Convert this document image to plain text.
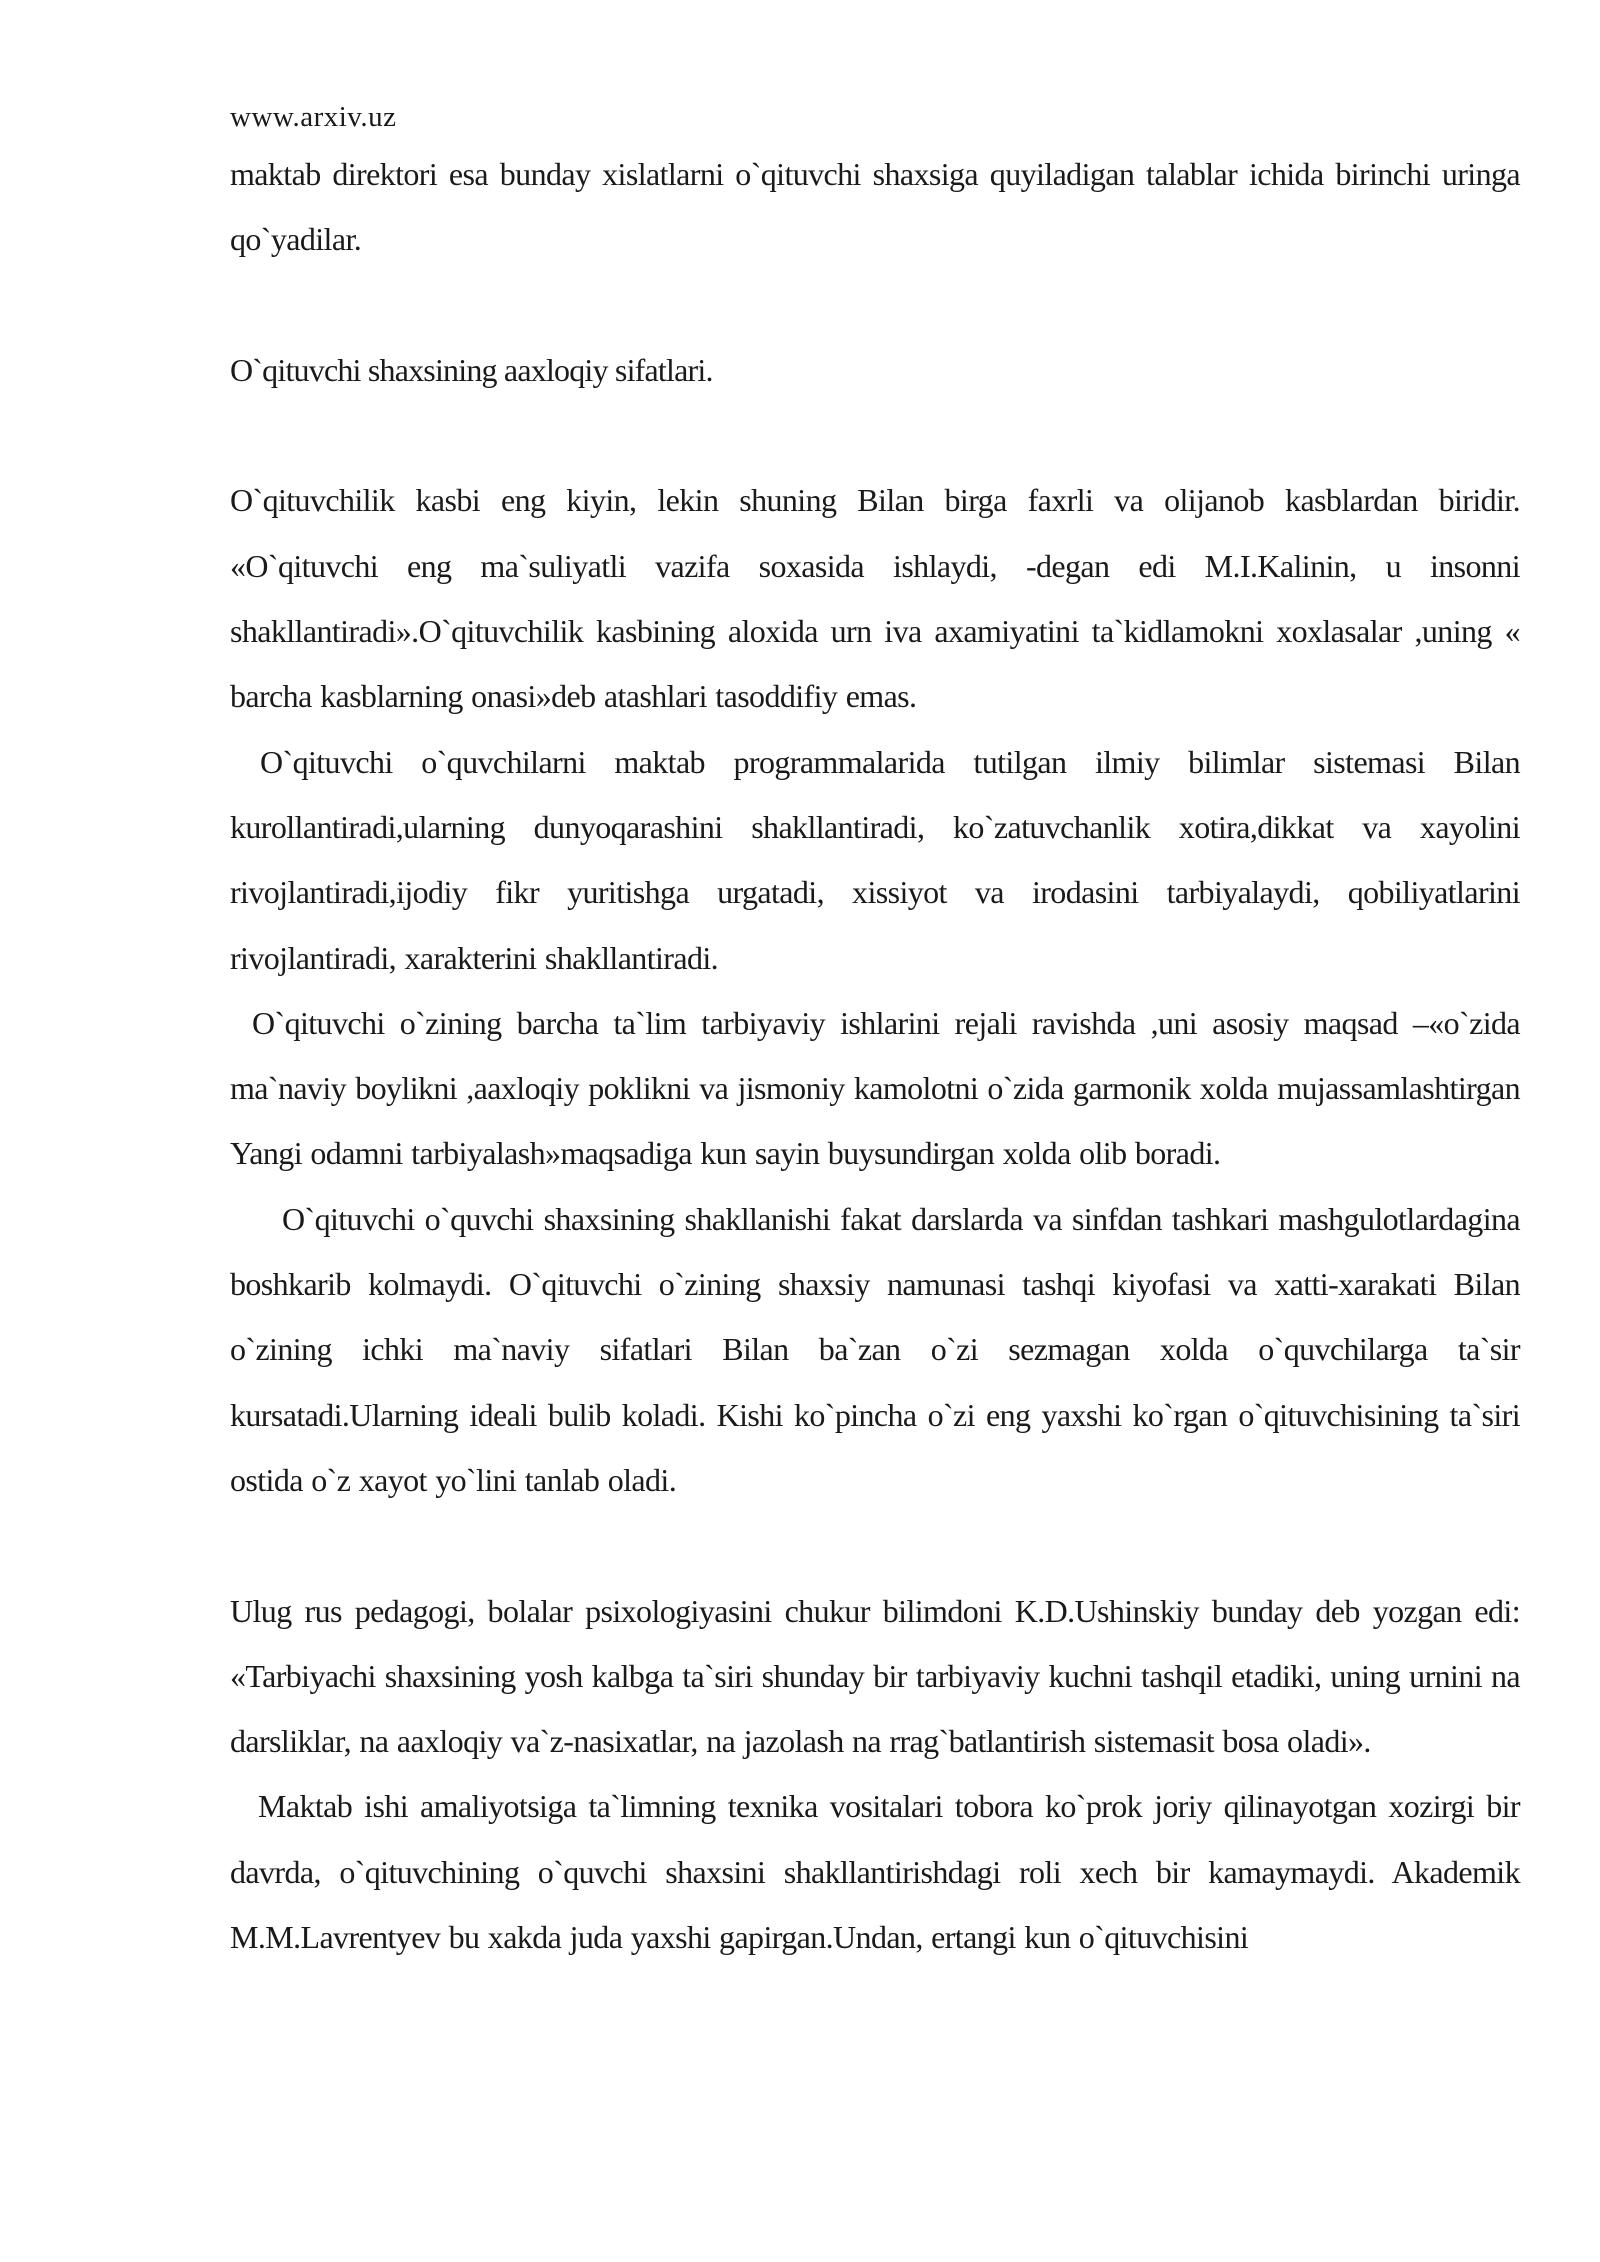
www.arxiv.uz

maktab direktori esa bunday xislatlarni o`qituvchi shaxsiga quyiladigan talablar ichida birinchi uringa qo`yadilar.

O`qituvchi shaxsining aaxloqiy sifatlari.

O`qituvchilik kasbi eng kiyin, lekin shuning Bilan birga faxrli va olijanob kasblardan biridir. «O`qituvchi eng ma`suliyatli vazifa soxasida ishlaydi, -degan edi M.I.Kalinin, u insonni shakllantiradi».O`qituvchilik kasbining aloxida urn iva axamiyatini ta`kidlamokni xoxlasalar ,uning « barcha kasblarning onasi»deb atashlari tasoddifiy emas.

O`qituvchi o`quvchilarni maktab programmalarida tutilgan ilmiy bilimlar sistemasi Bilan kurollantiradi,ularning dunyoqarashini shakllantiradi, ko`zatuvchanlik xotira,dikkat va xayolini rivojlantiradi,ijodiy fikr yuritishga urgatadi, xissiyot va irodasini tarbiyalaydi, qobiliyatlarini rivojlantiradi, xarakterini shakllantiradi.

O`qituvchi o`zining barcha ta`lim tarbiyaviy ishlarini rejali ravishda ,uni asosiy maqsad –«o`zida ma`naviy boylikni ,aaxloqiy poklikni va jismoniy kamolotni o`zida garmonik xolda mujassamlashtirgan Yangi odamni tarbiyalash»maqsadiga kun sayin buysundirgan xolda olib boradi.

O`qituvchi o`quvchi shaxsining shakllanishi fakat darslarda va sinfdan tashkari mashgulotlardagina boshkarib kolmaydi. O`qituvchi o`zining shaxsiy namunasi tashqi kiyofasi va xatti-xarakati Bilan o`zining ichki ma`naviy sifatlari Bilan ba`zan o`zi sezmagan xolda o`quvchilarga ta`sir kursatadi.Ularning ideali bulib koladi. Kishi ko`pincha o`zi eng yaxshi ko`rgan o`qituvchisining ta`siri ostida o`z xayot yo`lini tanlab oladi.

Ulug rus pedagogi, bolalar psixologiyasini chukur bilimdoni K.D.Ushinskiy bunday deb yozgan edi: «Tarbiyachi shaxsining yosh kalbga ta`siri shunday bir tarbiyaviy kuchni tashqil etadiki, uning urnini na darsliklar, na aaxloqiy va`z-nasixatlar, na jazolash na rrag`batlantirish sistemasit bosa oladi».

Maktab ishi amaliyotsiga ta`limning texnika vositalari tobora ko`prok joriy qilinayotgan xozirgi bir davrda, o`qituvchining o`quvchi shaxsini shakllantirishdagi roli xech bir kamaymaydi. Akademik M.M.Lavrentyev bu xakda juda yaxshi gapirgan.Undan, ertangi kun o`qituvchisini
